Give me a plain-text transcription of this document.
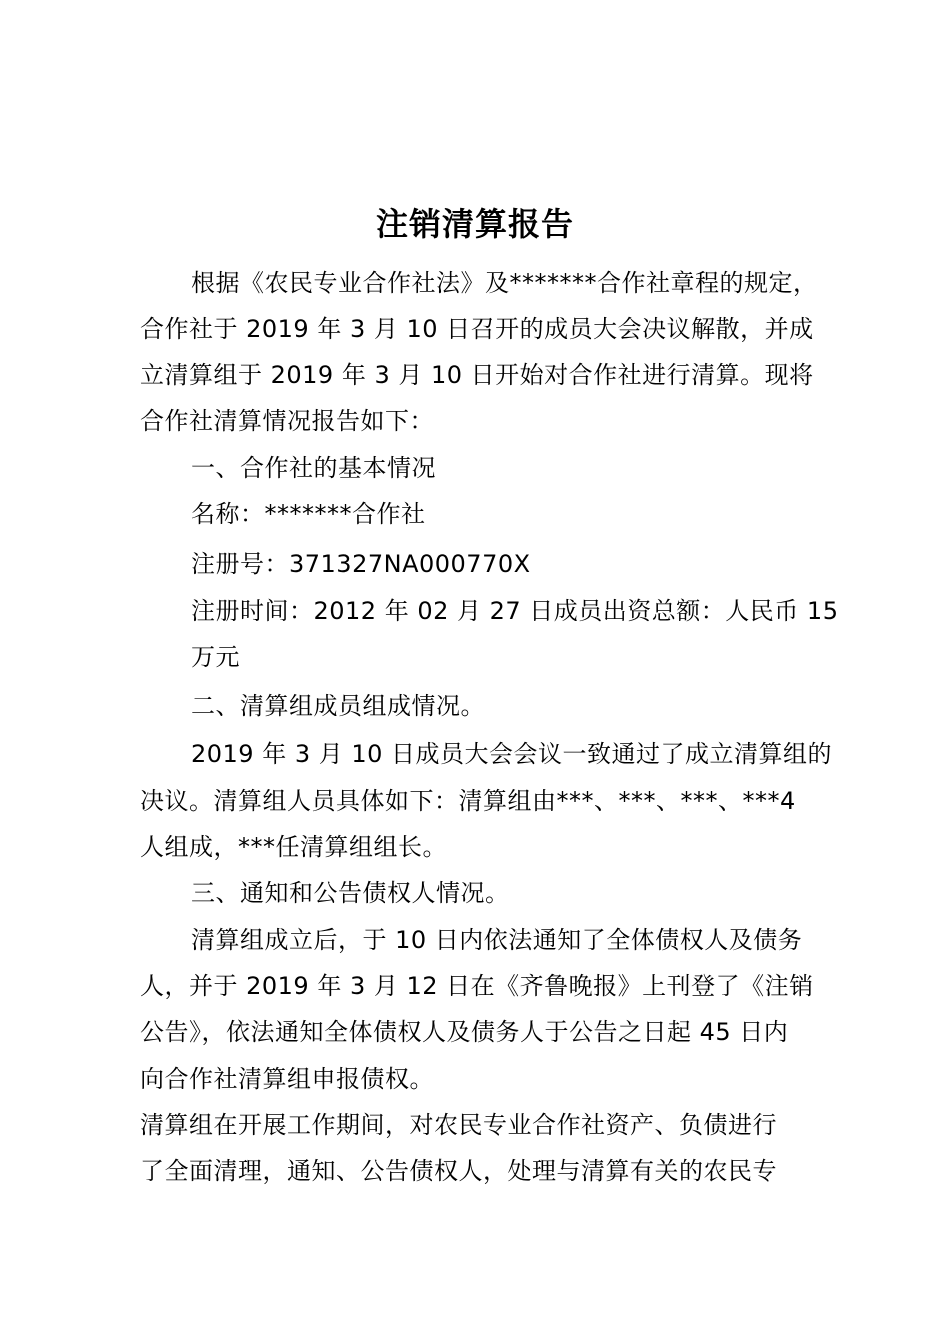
注销清算报告
根据《农民专业合作社法》及*******合作社章程的规定，
合作社于 2019 年 3 月 10 日召开的成员大会决议解散，并成
立清算组于 2019 年 3 月 10 日开始对合作社进行清算。现将
合作社清算情况报告如下：
一、合作社的基本情况
名称：*******合作社
注册号：371327NA000770X
注册时间：2012 年 02 月 27 日成员出资总额：人民币 15
万元
二、清算组成员组成情况。
2019 年 3 月 10 日成员大会会议一致通过了成立清算组的
决议。清算组人员具体如下：清算组由***、***、***、***4
人组成，***任清算组组长。
三、通知和公告债权人情况。
清算组成立后，于 10 日内依法通知了全体债权人及债务
人，并于 2019 年 3 月 12 日在《齐鲁晚报》上刊登了《注销
公告》，依法通知全体债权人及债务人于公告之日起 45 日内
向合作社清算组申报债权。
清算组在开展工作期间，对农民专业合作社资产、负债进行
了全面清理，通知、公告债权人，处理与清算有关的农民专
